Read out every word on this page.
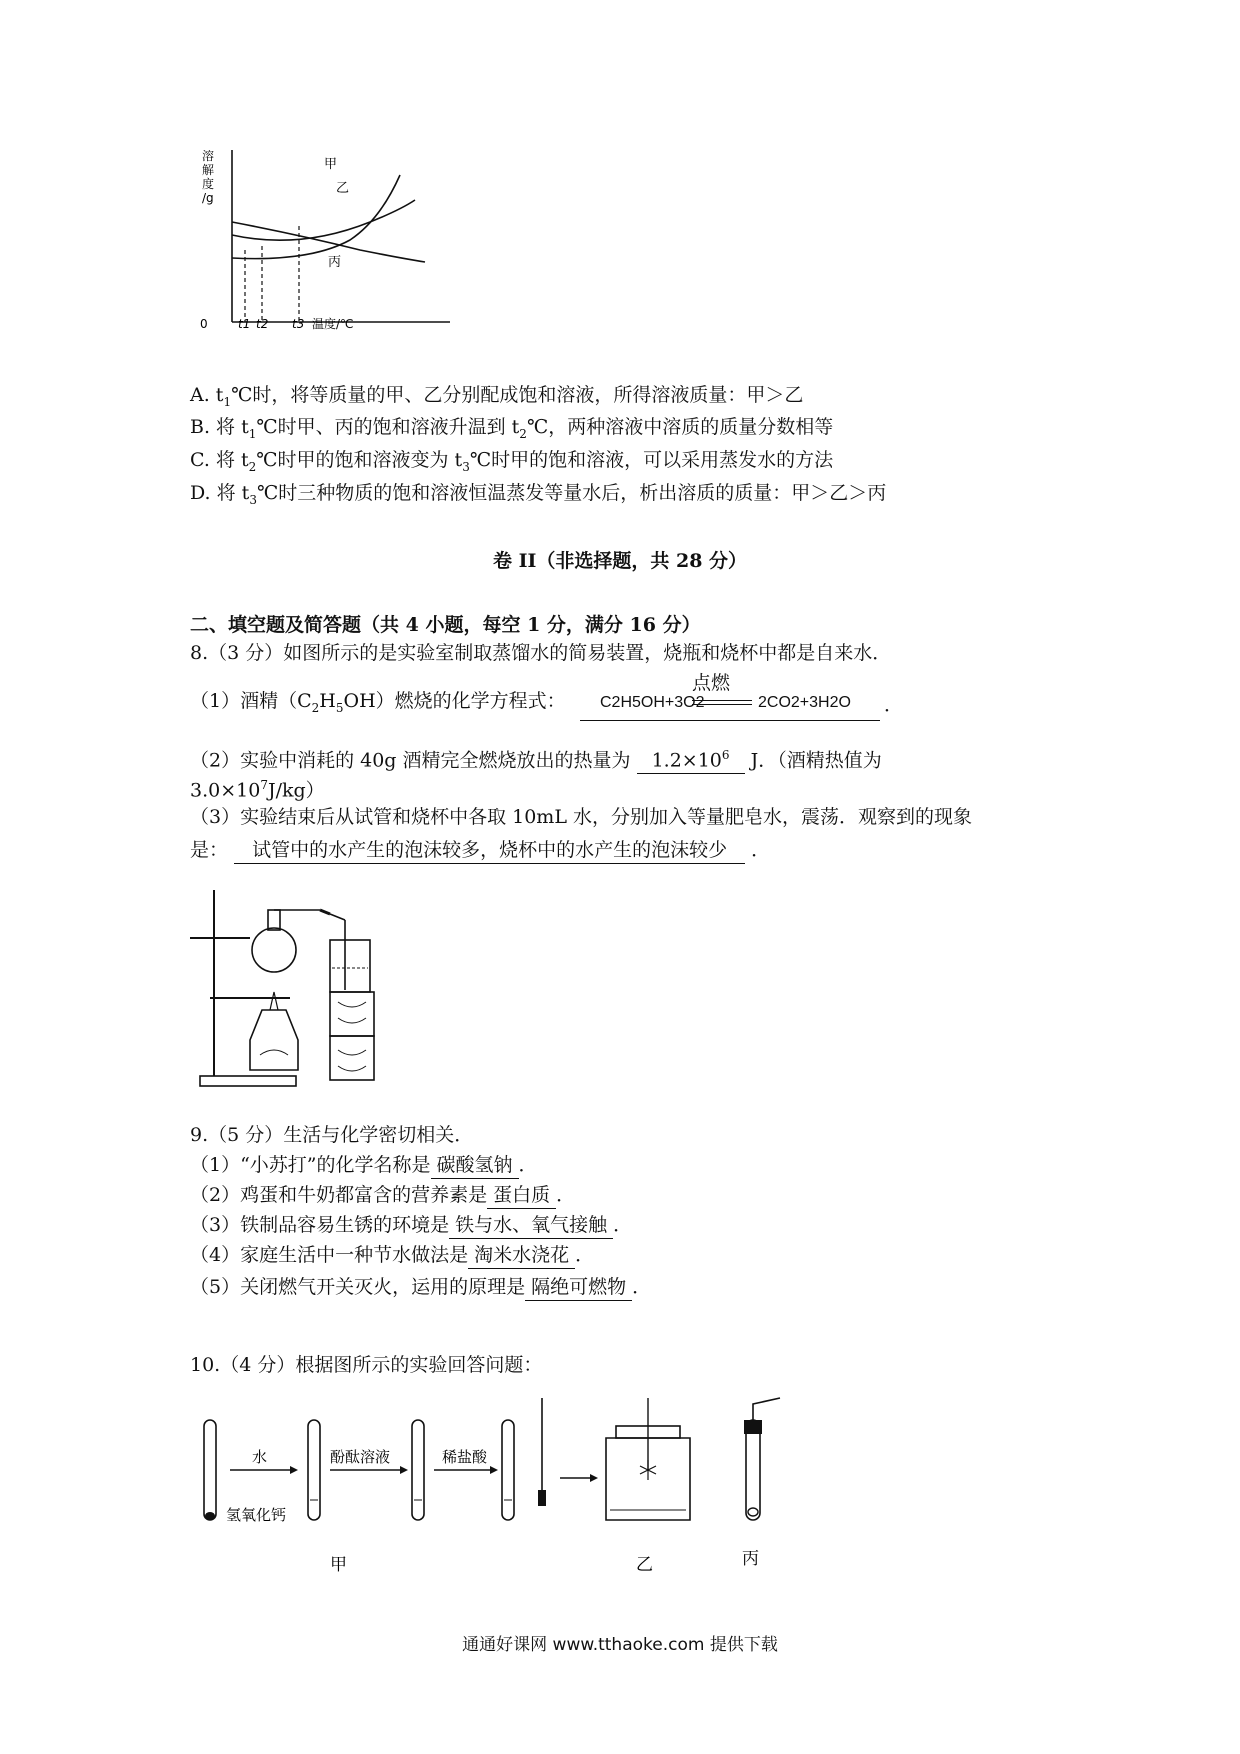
溶
解
度
/g
甲
乙
丙
0	t1 t2 t3 温度/℃
A. $t_1℃$时，将等质量的甲、乙分别配成饱和溶液，所得溶液质量：甲＞乙
B. 将 $t_1℃$时甲、丙的饱和溶液升温到 $t_2℃$，两种溶液中溶质的质量分数相等
C. 将 $t_2℃$时甲的饱和溶液变为 $t_3℃$时甲的饱和溶液，可以采用蒸发水的方法
D. 将 $t_3℃$时三种物质的饱和溶液恒温蒸发等量水后，析出溶质的质量：甲＞乙＞丙
卷 II（非选择题，共 28 分）
二、填空题及简答题（共 4 小题，每空 1 分，满分 16 分）
8.（3 分）如图所示的是实验室制取蒸馏水的简易装置，烧瓶和烧杯中都是自来水．
（1）酒精$(C_2H_5OH)$燃烧的化学方程式： C2H5OH+3O2
点燃
2CO2+3H2O ．
（2）实验中消耗的 40g 酒精完全燃烧放出的热量为 $1.2\times 10^6$ J．（酒精热值为
$3.0\times 10^7J/kg$）
（3）实验结束后从试管和烧杯中各取 10mL 水，分别加入等量肥皂水，震荡．观察到的现象
是： 试管中的水产生的泡沫较多，烧杯中的水产生的泡沫较少 ．
9.（5 分）生活与化学密切相关．
（1）“小苏打”的化学名称是 碳酸氢钠 ．
（2）鸡蛋和牛奶都富含的营养素是 蛋白质 ．
（3）铁制品容易生锈的环境是 铁与水、氧气接触 ．
（4）家庭生活中一种节水做法是 淘米水浇花 ．
（5）关闭燃气开关灭火，运用的原理是 隔绝可燃物 ．
10.（4 分）根据图所示的实验回答问题：
水
氢氧化钙
酚酞溶液	稀盐酸
甲	乙	丙
通通好课网 www.tthaoke.com 提供下载
